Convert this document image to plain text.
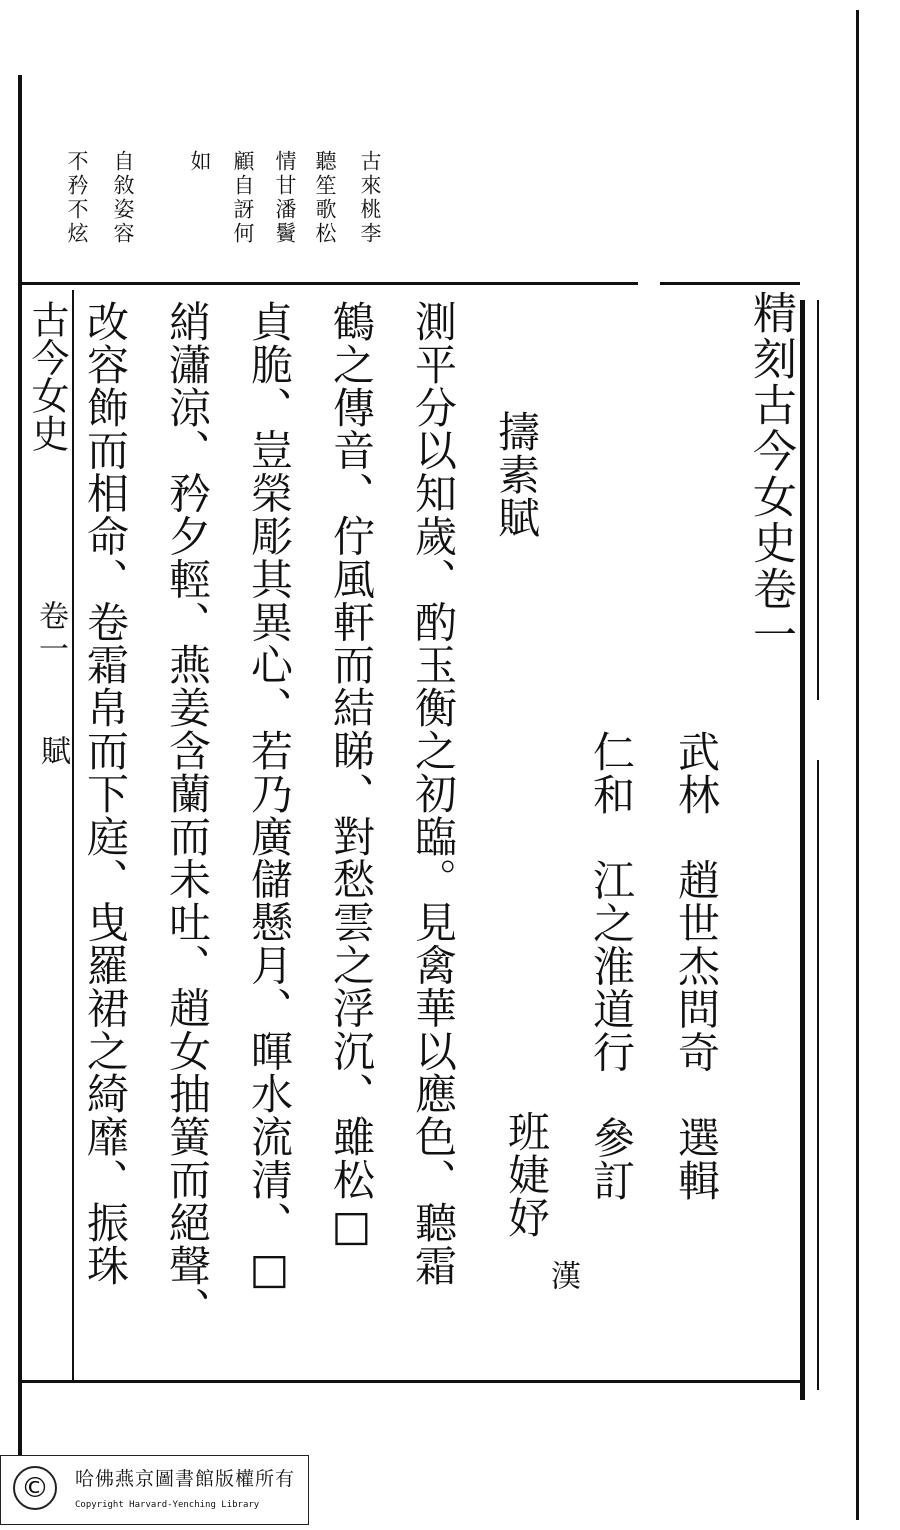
古來桃李
聽笙歌松
情甘潘鬢
顧自訝何
如
自敘姿容
不矜不炫
古今女史
卷一
賦
精刻古今女史卷一
武林　趙世杰問奇　選輯
仁和　江之淮道行　參訂
擣素賦
班婕妤
漢
測平分以知歲、酌玉衡之初臨。見禽華以應色、聽霜
鶴之傳音、佇風軒而結睇、對愁雲之浮沉、雖松□
貞脆、豈榮彫其異心、若乃廣儲懸月、暉水流清、□
綃瀟涼、矜夕輕、燕姜含蘭而未吐、趙女抽簧而絕聲、
改容飾而相命、卷霜帛而下庭、曳羅裙之綺靡、振珠
©	哈佛燕京圖書館版權所有
Copyright Harvard-Yenching Library
